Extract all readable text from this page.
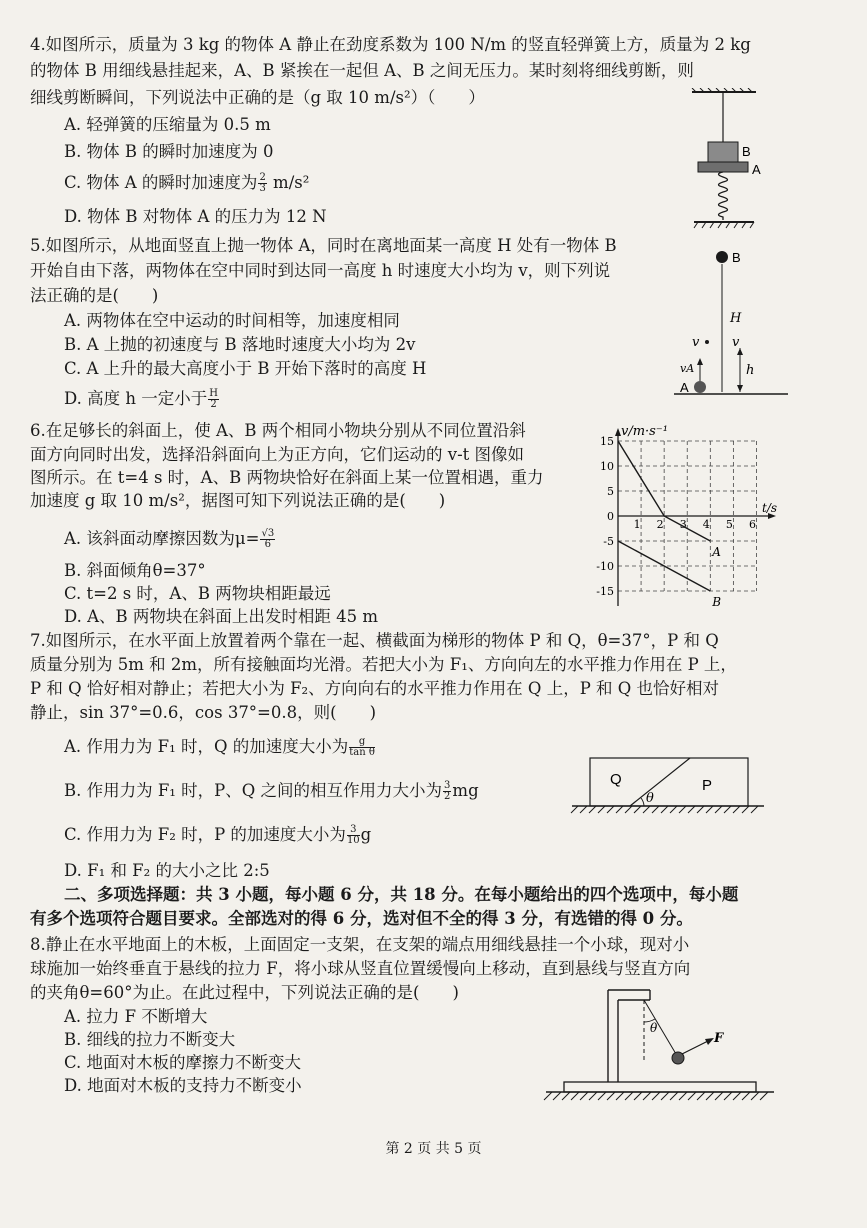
4.如图所示，质量为 3 kg 的物体 A 静止在劲度系数为 100 N/m 的竖直轻弹簧上方，质量为 2 kg
的物体 B 用细线悬挂起来，A、B 紧挨在一起但 A、B 之间无压力。某时刻将细线剪断，则
细线剪断瞬间，下列说法中正确的是（g 取 10 m/s²）（　　）
A. 轻弹簧的压缩量为 0.5 m
B. 物体 B 的瞬时加速度为 0
C. 物体 A 的瞬时加速度为 $\frac{2}{3} m/s^2$
D. 物体 B 对物体 A 的压力为 12 N
B
A
5.如图所示，从地面竖直上抛一物体 A，同时在离地面某一高度 H 处有一物体 B
开始自由下落，两物体在空中同时到达同一高度 h 时速度大小均为 v，则下列说
法正确的是(　　)
A. 两物体在空中运动的时间相等，加速度相同
B. A 上抛的初速度与 B 落地时速度大小均为 2v
C. A 上升的最大高度小于 B 开始下落时的高度 H
D. 高度 h 一定小于 $\frac{H}{2}$
B
H
v	v
h
vA
A
6.在足够长的斜面上，使 A、B 两个相同小物块分别从不同位置沿斜
面方向同时出发，选择沿斜面向上为正方向，它们运动的 v-t 图像如
图所示。在 t=4 s 时，A、B 两物块恰好在斜面上某一位置相遇，重力
加速度 g 取 10 m/s²，据图可知下列说法正确的是(　　)
A. 该斜面动摩擦因数为$\mu= \frac{√3}{6}$
B. 斜面倾角θ=37°
C. t=2 s 时，A、B 两物块相距最远
D. A、B 两物块在斜面上出发时相距 45 m
v/m·s⁻¹
t/s
15
10
5
0
-5
-10
-15
1 2 3 4 5 6
A
B
7.如图所示，在水平面上放置着两个靠在一起、横截面为梯形的物体 P 和 Q，θ=37°，P 和 Q
质量分别为 5m 和 2m，所有接触面均光滑。若把大小为 F₁、方向向左的水平推力作用在 P 上，
P 和 Q 恰好相对静止；若把大小为 F₂、方向向右的水平推力作用在 Q 上，P 和 Q 也恰好相对
静止，sin 37°=0.6，cos 37°=0.8，则(　　)
A. 作用力为 F₁ 时，Q 的加速度大小为 $\frac{g}{\text{tan θ}}$
B. 作用力为 F₁ 时，P、Q 之间的相互作用力大小为 $\frac{3}{2}$ mg
C. 作用力为 F₂ 时，P 的加速度大小为 $\frac{3}{10}$ g
D. F₁ 和 F₂ 的大小之比 2:5
Q	P
θ
二、多项选择题：共 3 小题，每小题 6 分，共 18 分。在每小题给出的四个选项中，每小题
有多个选项符合题目要求。全部选对的得 6 分，选对但不全的得 3 分，有选错的得 0 分。
8.静止在水平地面上的木板，上面固定一支架，在支架的端点用细线悬挂一个小球，现对小
球施加一始终垂直于悬线的拉力 F，将小球从竖直位置缓慢向上移动，直到悬线与竖直方向
的夹角θ=60°为止。在此过程中，下列说法正确的是(　　)
A. 拉力 F 不断增大
B. 细线的拉力不断变大
C. 地面对木板的摩擦力不断变大
D. 地面对木板的支持力不断变小
θ
F
第 2 页 共 5 页
